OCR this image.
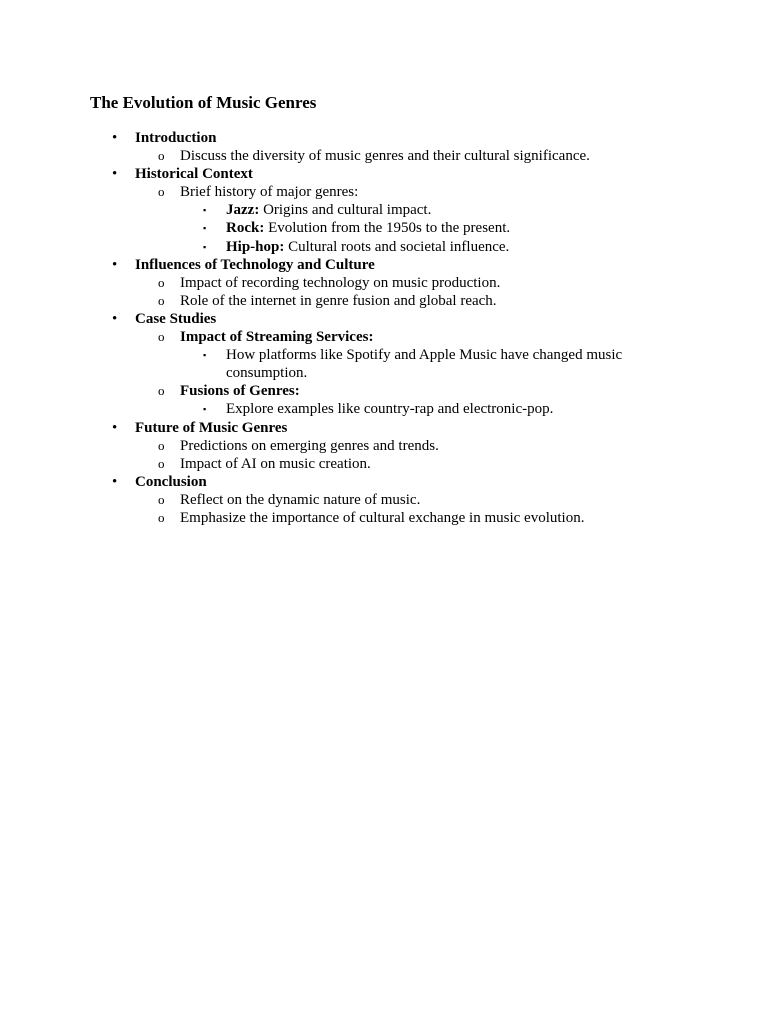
The Evolution of Music Genres
• Introduction
o Discuss the diversity of music genres and their cultural significance.
• Historical Context
o Brief history of major genres:
▪ Jazz: Origins and cultural impact.
▪ Rock: Evolution from the 1950s to the present.
▪ Hip-hop: Cultural roots and societal influence.
• Influences of Technology and Culture
o Impact of recording technology on music production.
o Role of the internet in genre fusion and global reach.
• Case Studies
o Impact of Streaming Services:
▪ How platforms like Spotify and Apple Music have changed music consumption.
o Fusions of Genres:
▪ Explore examples like country-rap and electronic-pop.
• Future of Music Genres
o Predictions on emerging genres and trends.
o Impact of AI on music creation.
• Conclusion
o Reflect on the dynamic nature of music.
o Emphasize the importance of cultural exchange in music evolution.
